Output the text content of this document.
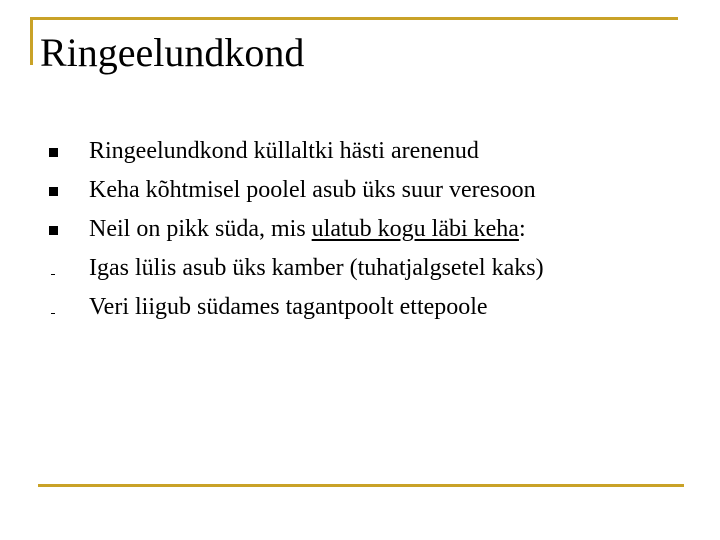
Ringeelundkond
Ringeelundkond küllaltki hästi arenenud
Keha kõhtmisel poolel asub üks suur veresoon
Neil on pikk süda, mis ulatub kogu läbi keha:
Igas lülis asub üks kamber (tuhatjalgsetel kaks)
Veri liigub südames tagantpoolt ettepoole
